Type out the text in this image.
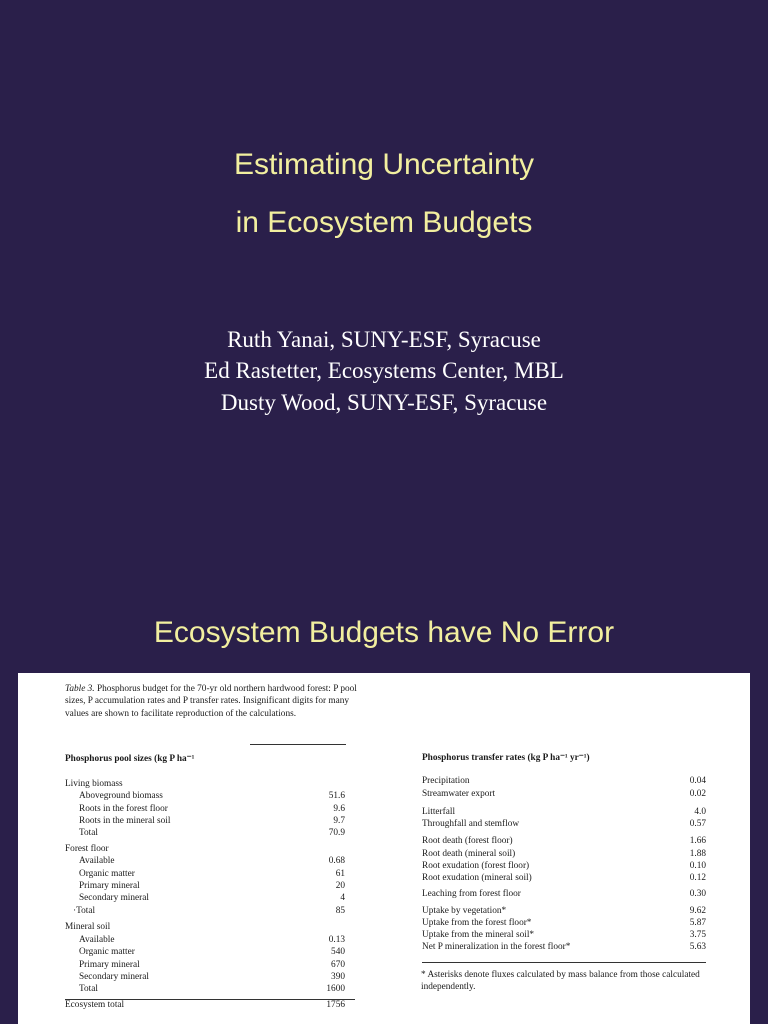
Estimating Uncertainty
in Ecosystem Budgets
Ruth Yanai, SUNY-ESF, Syracuse
Ed Rastetter, Ecosystems Center, MBL
Dusty Wood, SUNY-ESF, Syracuse
Ecosystem Budgets have No Error
Table 3. Phosphorus budget for the 70-yr old northern hardwood forest: P pool sizes, P accumulation rates and P transfer rates. Insignificant digits for many values are shown to facilitate reproduction of the calculations.
Phosphorus pool sizes (kg P ha⁻¹
Living biomass
Aboveground biomass	51.6
Roots in the forest floor	9.6
Roots in the mineral soil	9.7
Total	70.9
Forest floor
Available	0.68
Organic matter	61
Primary mineral	20
Secondary mineral	4
·Total	85
Mineral soil
Available	0.13
Organic matter	540
Primary mineral	670
Secondary mineral	390
Total	1600
Ecosystem total	1756
Phosphorus transfer rates (kg P ha⁻¹ yr⁻¹)
Precipitation	0.04
Streamwater export	0.02
Litterfall	4.0
Throughfall and stemflow	0.57
Root death (forest floor)	1.66
Root death (mineral soil)	1.88
Root exudation (forest floor)	0.10
Root exudation (mineral soil)	0.12
Leaching from forest floor	0.30
Uptake by vegetation*	9.62
Uptake from the forest floor*	5.87
Uptake from the mineral soil*	3.75
Net P mineralization in the forest floor*	5.63
* Asterisks denote fluxes calculated by mass balance from those calculated independently.
